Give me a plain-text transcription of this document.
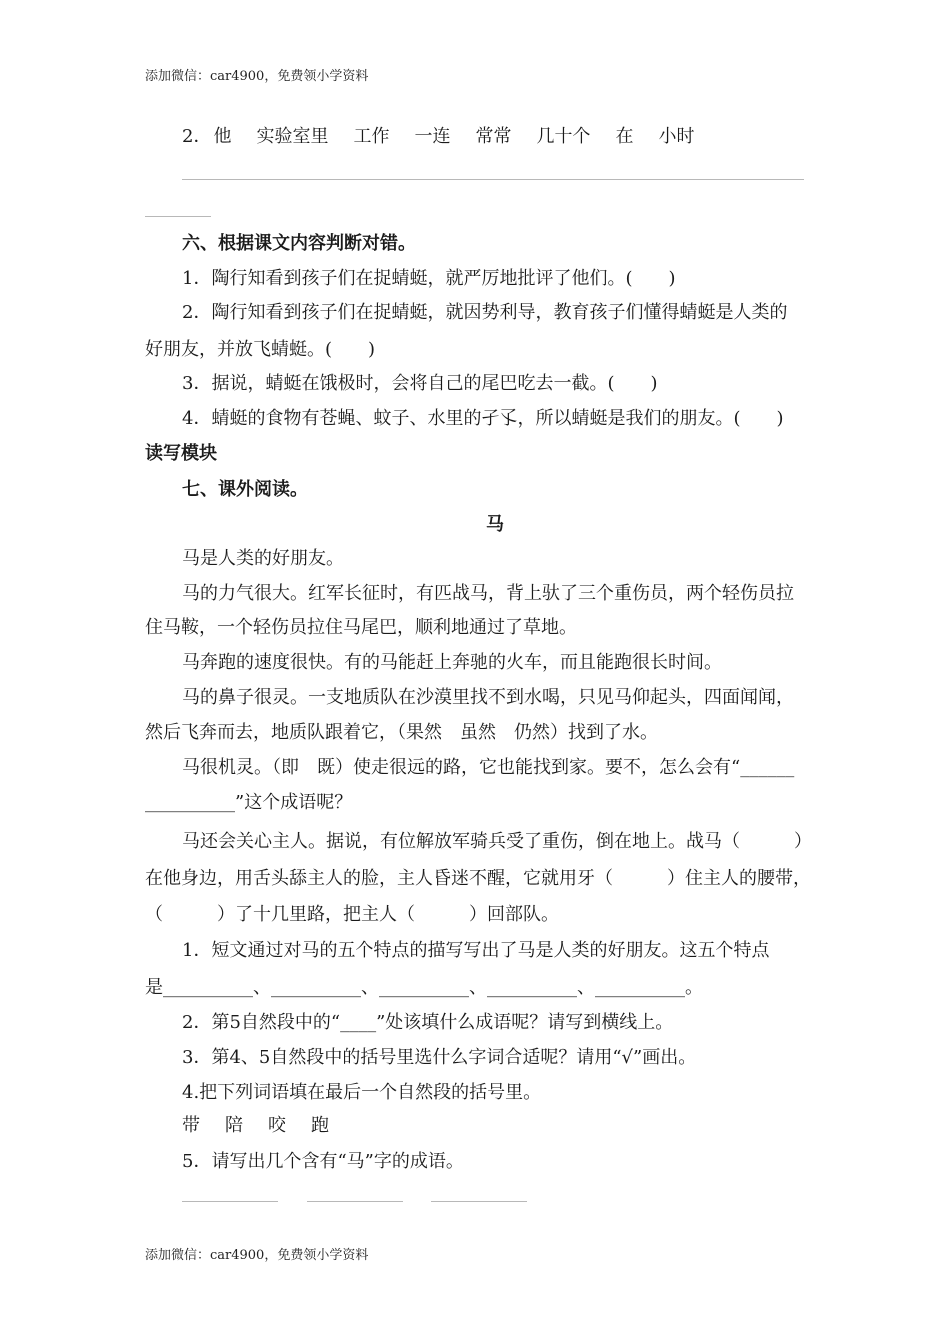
添加微信：car4900，免费领小学资料
2． 他 实验室里 工作 一连 常常 几十个 在 小时
六、根据课文内容判断对错。
1．陶行知看到孩子们在捉蜻蜓，就严厉地批评了他们。(　　)
2．陶行知看到孩子们在捉蜻蜓，就因势利导，教育孩子们懂得蜻蜓是人类的
好朋友，并放飞蜻蜓。(　　)
3．据说，蜻蜓在饿极时，会将自己的尾巴吃去一截。(　　)
4．蜻蜓的食物有苍蝇、蚊子、水里的孑孓，所以蜻蜓是我们的朋友。(　　)
读写模块
七、课外阅读。
马
马是人类的好朋友。
马的力气很大。红军长征时，有匹战马，背上驮了三个重伤员，两个轻伤员拉
住马鞍，一个轻伤员拉住马尾巴，顺利地通过了草地。
马奔跑的速度很快。有的马能赶上奔驰的火车，而且能跑很长时间。
马的鼻子很灵。一支地质队在沙漠里找不到水喝，只见马仰起头，四面闻闻，
然后飞奔而去，地质队跟着它，（果然　虽然　仍然）找到了水。
马很机灵。（即　既）使走很远的路，它也能找到家。要不，怎么会有“______
__________”这个成语呢？
马还会关心主人。据说，有位解放军骑兵受了重伤，倒在地上。战马（　　　）
在他身边，用舌头舔主人的脸，主人昏迷不醒，它就用牙（　　　）住主人的腰带，
（　　　）了十几里路，把主人（　　　）回部队。
1．短文通过对马的五个特点的描写写出了马是人类的好朋友。这五个特点
是__________、__________、__________、__________、__________。
2．第5自然段中的“____”处该填什么成语呢？请写到横线上。
3．第4、5自然段中的括号里选什么字词合适呢？请用“√”画出。
4.把下列词语填在最后一个自然段的括号里。
带 陪 咬 跑
5．请写出几个含有“马”字的成语。
添加微信：car4900，免费领小学资料
